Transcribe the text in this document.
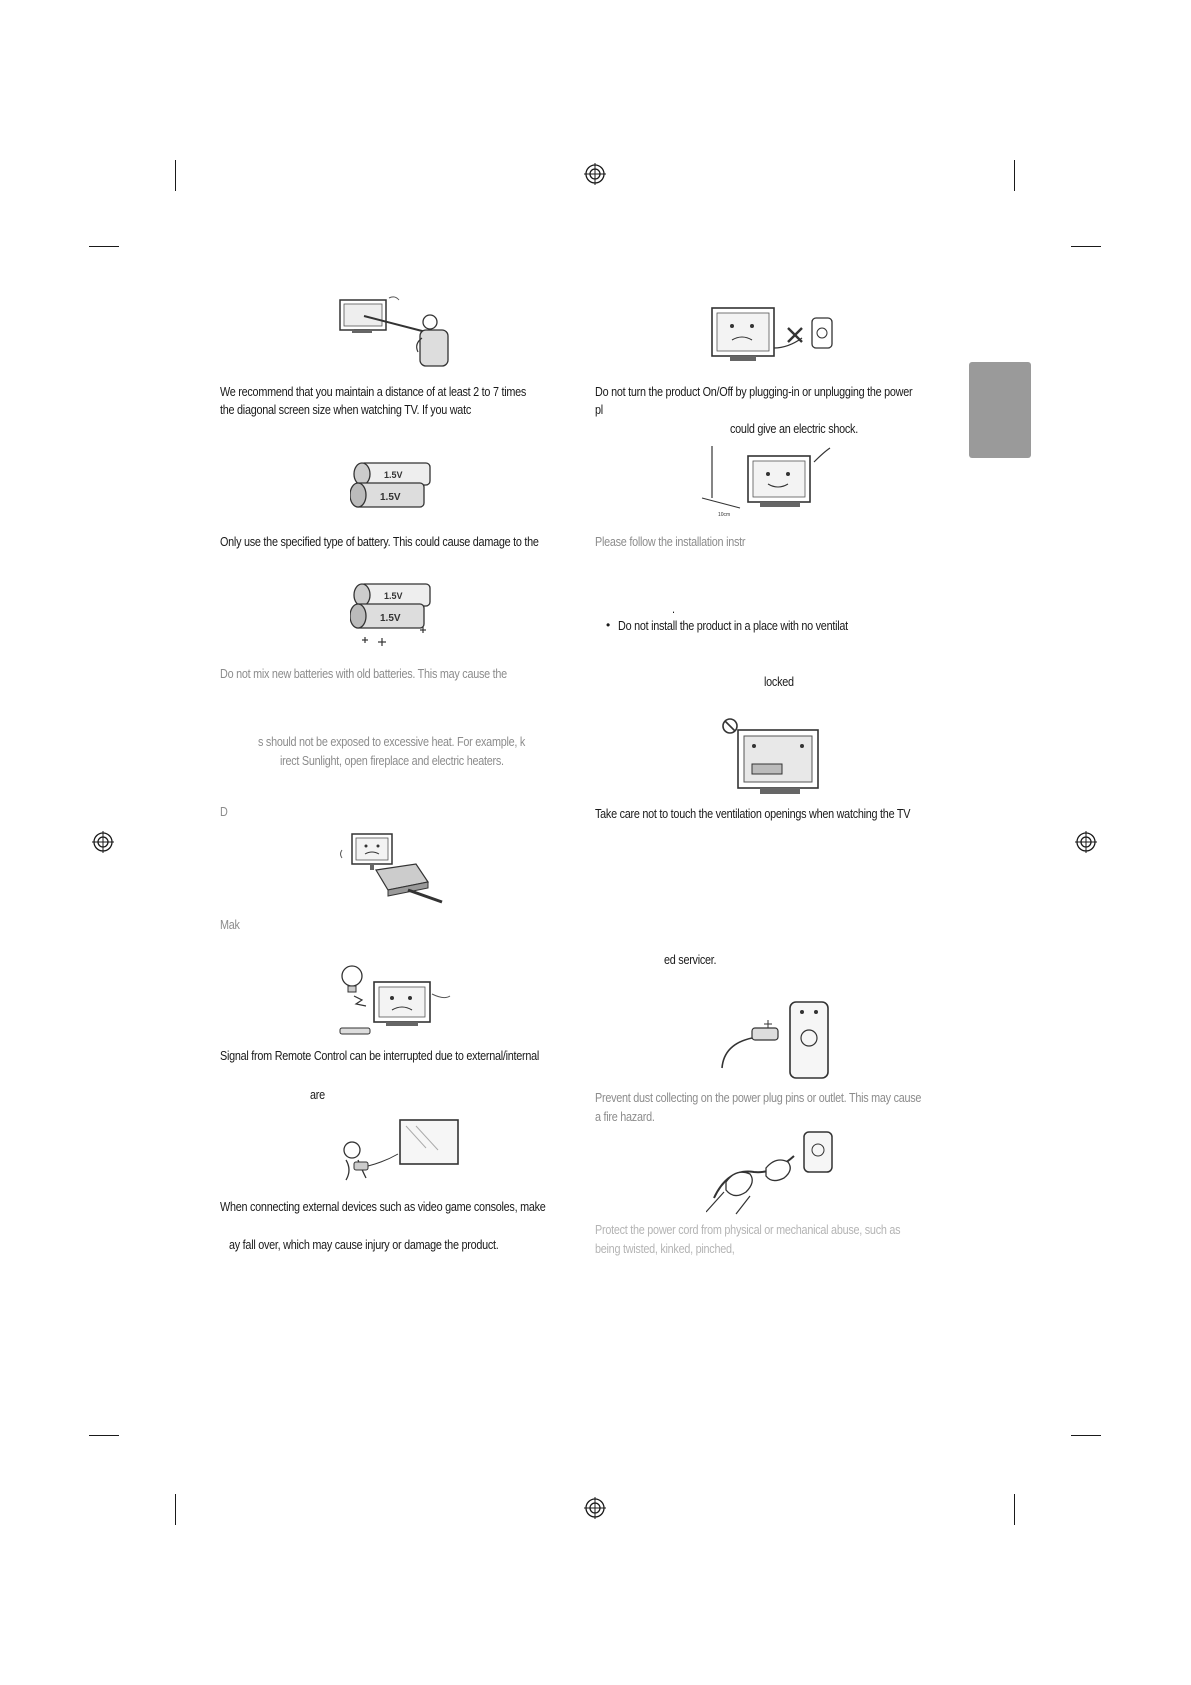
We recommend that you maintain a distance of at least 2 to 7 times
the diagonal screen size when watching TV. If you watc
1.5V
1.5V
Only use the specified type of battery. This could cause damage to the
1.5V
1.5V
Do not mix new batteries with old batteries. This may cause the
s should not be exposed to excessive heat. For example, k
irect Sunlight, open fireplace and electric heaters.
D
Mak
Signal from Remote Control can be interrupted due to external/internal
are
When connecting external devices such as video game consoles, make
ay fall over, which may cause injury or damage the product.
Do not turn the product On/Off by plugging-in or unplugging the power
pl
could give an electric shock.
10cm
Please follow the installation instr
.
• Do not install the product in a place with no ventilat
locked
Take care not to touch the ventilation openings when watching the TV
ed servicer.
Prevent dust collecting on the power plug pins or outlet. This may cause
a fire hazard.
Protect the power cord from physical or mechanical abuse, such as
being twisted, kinked, pinched,
